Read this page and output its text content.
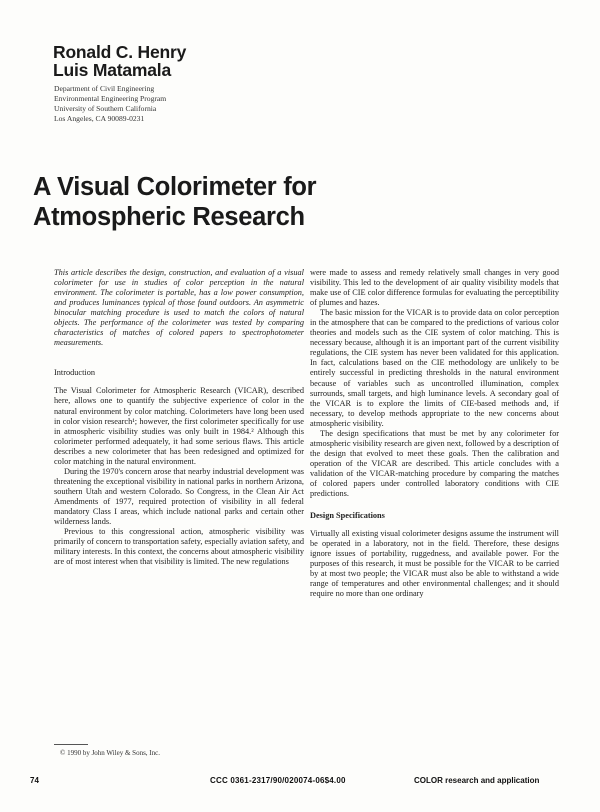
Ronald C. Henry
Luis Matamala
Department of Civil Engineering
Environmental Engineering Program
University of Southern California
Los Angeles, CA 90089-0231
A Visual Colorimeter for
Atmospheric Research

This article describes the design, construction, and evaluation of a visual colorimeter for use in studies of color perception in the natural environment. The colorimeter is portable, has a low power consumption, and produces luminances typical of those found outdoors. An asymmetric binocular matching procedure is used to match the colors of natural objects. The performance of the colorimeter was tested by comparing characteristics of matches of colored papers to spectrophotometer measurements.

Introduction

The Visual Colorimeter for Atmospheric Research (VICAR), described here, allows one to quantify the subjective experience of color in the natural environment by color matching. Colorimeters have long been used in color vision research¹; however, the first colorimeter specifically for use in atmospheric visibility studies was only built in 1984.² Although this colorimeter performed adequately, it had some serious flaws. This article describes a new colorimeter that has been redesigned and optimized for color matching in the natural environment.

During the 1970's concern arose that nearby industrial development was threatening the exceptional visibility in national parks in northern Arizona, southern Utah and western Colorado. So Congress, in the Clean Air Act Amendments of 1977, required protection of visibility in all federal mandatory Class I areas, which include national parks and certain other wilderness lands.

Previous to this congressional action, atmospheric visibility was primarily of concern to transportation safety, especially aviation safety, and military interests. In this context, the concerns about atmospheric visibility are of most interest when that visibility is limited. The new regulations

were made to assess and remedy relatively small changes in very good visibility. This led to the development of air quality visibility models that make use of CIE color difference formulas for evaluating the perceptibility of plumes and hazes.

The basic mission for the VICAR is to provide data on color perception in the atmosphere that can be compared to the predictions of various color theories and models such as the CIE system of color matching. This is necessary because, although it is an important part of the current visibility regulations, the CIE system has never been validated for this application. In fact, calculations based on the CIE methodology are unlikely to be entirely successful in predicting thresholds in the natural environment because of variables such as uncontrolled illumination, complex surrounds, small targets, and high luminance levels. A secondary goal of the VICAR is to explore the limits of CIE-based methods and, if necessary, to develop methods appropriate to the new concerns about atmospheric visibility.

The design specifications that must be met by any colorimeter for atmospheric visibility research are given next, followed by a description of the design that evolved to meet these goals. Then the calibration and operation of the VICAR are described. This article concludes with a validation of the VICAR-matching procedure by comparing the matches of colored papers under controlled laboratory conditions with CIE predictions.

Design Specifications

Virtually all existing visual colorimeter designs assume the instrument will be operated in a laboratory, not in the field. Therefore, these designs ignore issues of portability, ruggedness, and available power. For the purposes of this research, it must be possible for the VICAR to be carried by at most two people; the VICAR must also be able to withstand a wide range of temperatures and other environmental challenges; and it should require no more than one ordinary

© 1990 by John Wiley & Sons, Inc.
74	CCC 0361-2317/90/020074-06$4.00	COLOR research and application
